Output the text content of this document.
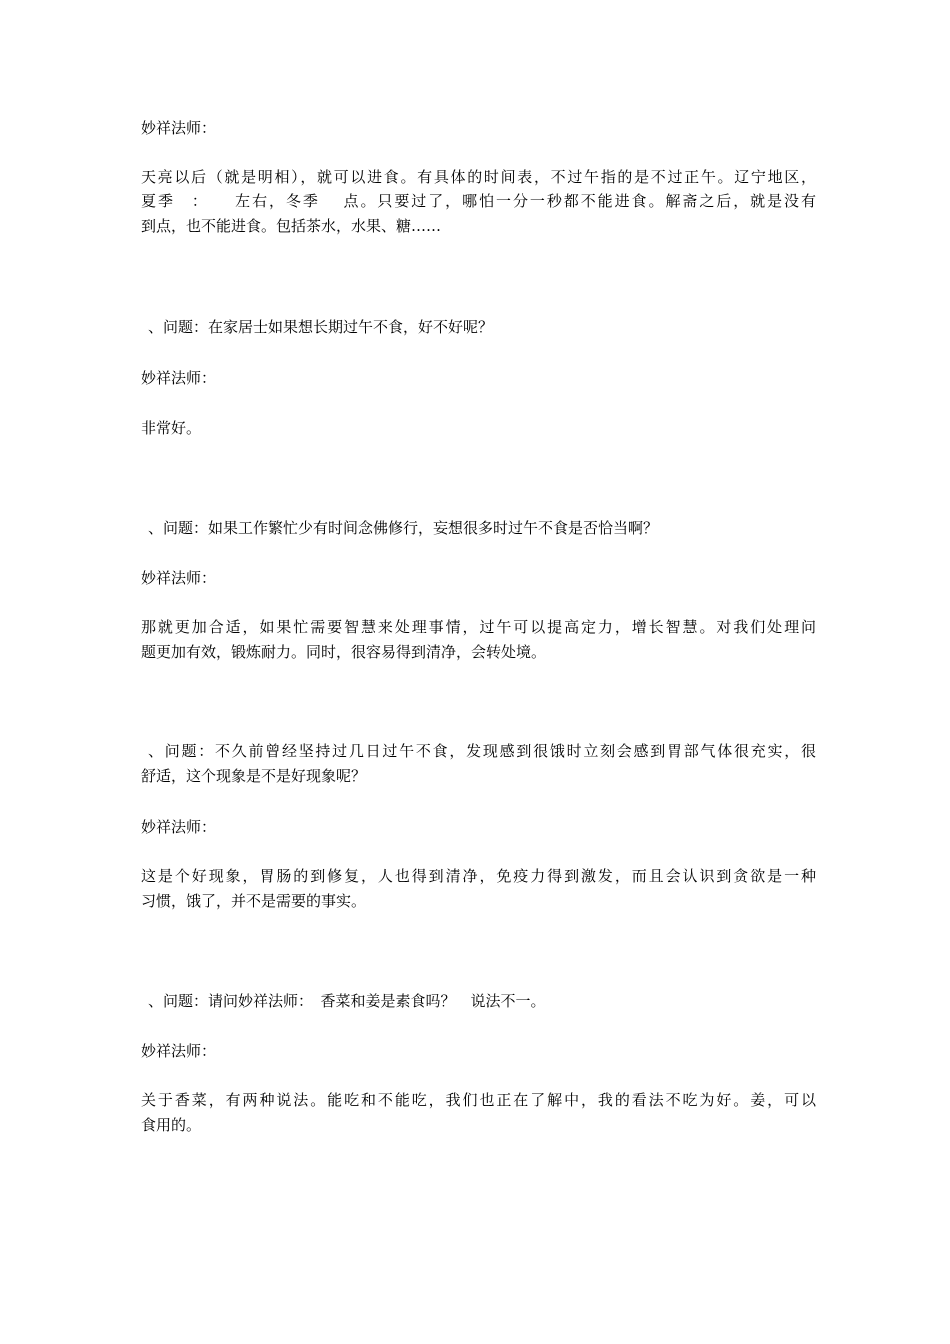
妙祥法师：
天亮以后（就是明相），就可以进食。有具体的时间表，不过午指的是不过正午。辽宁地区，
夏季　：　　左右，冬季　 点。只要过了，哪怕一分一秒都不能进食。解斋之后，就是没有
到点，也不能进食。包括茶水，水果、糖……
、问题：在家居士如果想长期过午不食，好不好呢？
妙祥法师：
非常好。
、问题：如果工作繁忙少有时间念佛修行，妄想很多时过午不食是否恰当啊？
妙祥法师：
那就更加合适，如果忙需要智慧来处理事情，过午可以提高定力，增长智慧。对我们处理问
题更加有效，锻炼耐力。同时，很容易得到清净，会转处境。
、问题：不久前曾经坚持过几日过午不食，发现感到很饿时立刻会感到胃部气体很充实，很
舒适，这个现象是不是好现象呢？
妙祥法师：
这是个好现象，胃肠的到修复，人也得到清净，免疫力得到激发，而且会认识到贪欲是一种
习惯，饿了，并不是需要的事实。
、问题：请问妙祥法师：　香菜和姜是素食吗？　说法不一。
妙祥法师：
关于香菜，有两种说法。能吃和不能吃，我们也正在了解中，我的看法不吃为好。姜，可以
食用的。
